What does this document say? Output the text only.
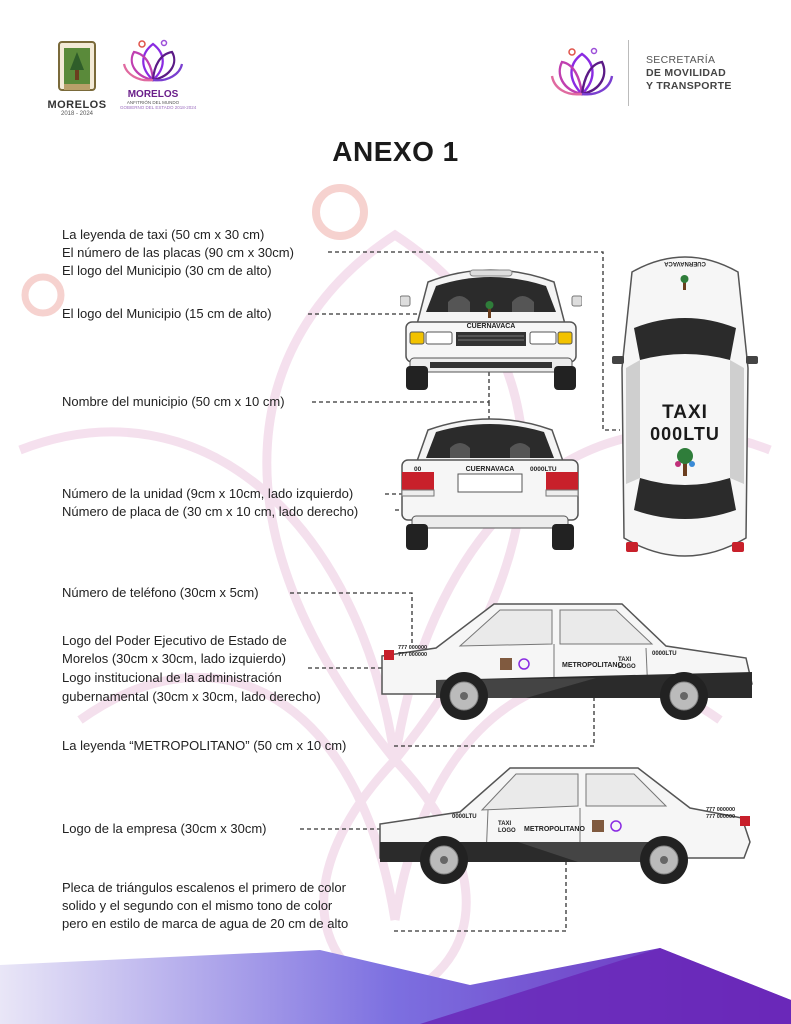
MORELOS
2018 - 2024
MORELOS
ANFITRIÓN DEL MUNDO
GOBIERNO DEL ESTADO 2018-2024
SECRETARÍA
DE MOVILIDAD
Y TRANSPORTE
ANEXO 1
La leyenda de taxi (50 cm x 30 cm)
El número de las placas (90 cm x 30cm)
El logo del Municipio (30 cm de alto)
El logo del Municipio (15 cm de alto)
Nombre del municipio (50 cm x 10 cm)
Número de la unidad (9cm x 10cm, lado izquierdo)
Número de placa de (30 cm x 10 cm, lado derecho)
Número de teléfono (30cm x 5cm)
Logo del Poder Ejecutivo de Estado de
Morelos (30cm x 30cm, lado izquierdo)
Logo institucional de la administración
gubernamental (30cm x 30cm, lado derecho)
La leyenda “METROPOLITANO” (50 cm x 10 cm)
Logo de la empresa (30cm x 30cm)
Pleca de triángulos escalenos el primero de color
solido y el segundo con el mismo tono de color
pero en estilo de marca de agua de 20 cm de alto
CUERNAVACA
00	CUERNAVACA 0000LTU
CUERNAVACA
TAXI
000LTU
777 000000
777 000000
METROPOLITANO
TAXI
LOGO
0000LTU
0000LTU
TAXI
LOGO METROPOLITANO
777 000000
777 000000
